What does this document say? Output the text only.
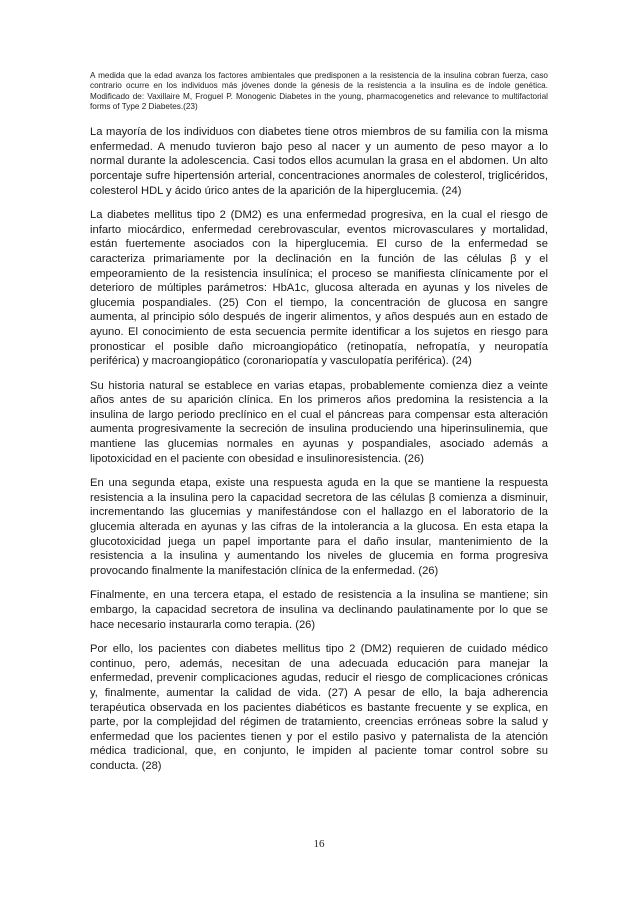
A medida que la edad avanza los factores ambientales que predisponen a la resistencia de la insulina cobran fuerza, caso contrario ocurre en los individuos más jóvenes donde la génesis de la resistencia a la insulina es de índole genética. Modificado de: Vaxillaire M, Froguel P. Monogenic Diabetes in the young, pharmacogenetics and relevance to multifactorial forms of Type 2 Diabetes.(23)

La mayoría de los individuos con diabetes tiene otros miembros de su familia con la misma enfermedad. A menudo tuvieron bajo peso al nacer y un aumento de peso mayor a lo normal durante la adolescencia. Casi todos ellos acumulan la grasa en el abdomen. Un alto porcentaje sufre hipertensión arterial, concentraciones anormales de colesterol, triglicéridos, colesterol HDL y ácido úrico antes de la aparición de la hiperglucemia. (24)

La diabetes mellitus tipo 2 (DM2) es una enfermedad progresiva, en la cual el riesgo de infarto miocárdico, enfermedad cerebrovascular, eventos microvasculares y mortalidad, están fuertemente asociados con la hiperglucemia. El curso de la enfermedad se caracteriza primariamente por la declinación en la función de las células β y el empeoramiento de la resistencia insulínica; el proceso se manifiesta clínicamente por el deterioro de múltiples parámetros: HbA1c, glucosa alterada en ayunas y los niveles de glucemia pospandiales. (25) Con el tiempo, la concentración de glucosa en sangre aumenta, al principio sólo después de ingerir alimentos, y años después aun en estado de ayuno. El conocimiento de esta secuencia permite identificar a los sujetos en riesgo para pronosticar el posible daño microangiopático (retinopatía, nefropatía, y neuropatía periférica) y macroangiopático (coronariopatía y vasculopatía periférica). (24)

Su historia natural se establece en varias etapas, probablemente comienza diez a veinte años antes de su aparición clínica. En los primeros años predomina la resistencia a la insulina de largo periodo preclínico en el cual el páncreas para compensar esta alteración aumenta progresivamente la secreción de insulina produciendo una hiperinsulinemia, que mantiene las glucemias normales en ayunas y pospandiales, asociado además a lipotoxicidad en el paciente con obesidad e insulinoresistencia. (26)

En una segunda etapa, existe una respuesta aguda en la que se mantiene la respuesta resistencia a la insulina pero la capacidad secretora de las células β comienza a disminuir, incrementando las glucemias y manifestándose con el hallazgo en el laboratorio de la glucemia alterada en ayunas y las cifras de la intolerancia a la glucosa. En esta etapa la glucotoxicidad juega un papel importante para el daño insular, mantenimiento de la resistencia a la insulina y aumentando los niveles de glucemia en forma progresiva provocando finalmente la manifestación clínica de la enfermedad. (26)

Finalmente, en una tercera etapa, el estado de resistencia a la insulina se mantiene; sin embargo, la capacidad secretora de insulina va declinando paulatinamente por lo que se hace necesario instaurarla como terapia. (26)

Por ello, los pacientes con diabetes mellitus tipo 2 (DM2) requieren de cuidado médico continuo, pero, además, necesitan de una adecuada educación para manejar la enfermedad, prevenir complicaciones agudas, reducir el riesgo de complicaciones crónicas y, finalmente, aumentar la calidad de vida. (27) A pesar de ello, la baja adherencia terapéutica observada en los pacientes diabéticos es bastante frecuente y se explica, en parte, por la complejidad del régimen de tratamiento, creencias erróneas sobre la salud y enfermedad que los pacientes tienen y por el estilo pasivo y paternalista de la atención médica tradicional, que, en conjunto, le impiden al paciente tomar control sobre su conducta. (28)

16
